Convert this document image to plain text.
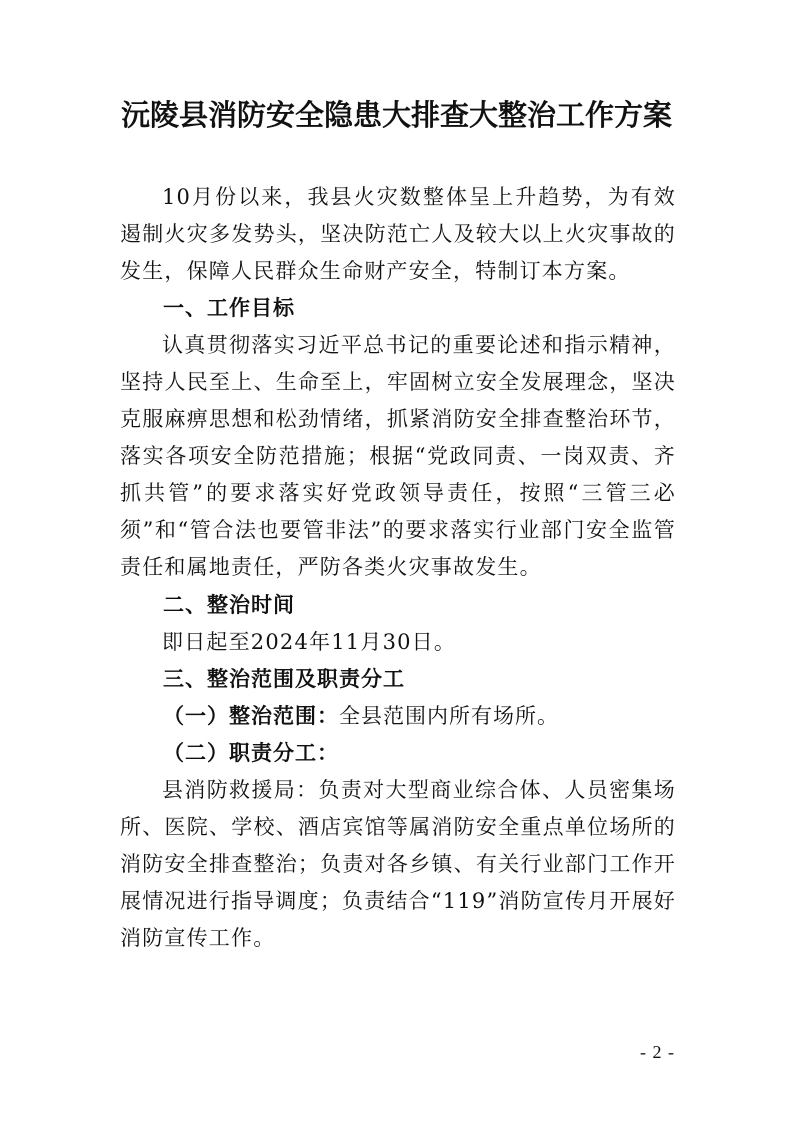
沅陵县消防安全隐患大排查大整治工作方案
10月份以来，我县火灾数整体呈上升趋势，为有效遏制火灾多发势头，坚决防范亡人及较大以上火灾事故的发生，保障人民群众生命财产安全，特制订本方案。
一、工作目标
认真贯彻落实习近平总书记的重要论述和指示精神，坚持人民至上、生命至上，牢固树立安全发展理念，坚决克服麻痹思想和松劲情绪，抓紧消防安全排查整治环节，落实各项安全防范措施；根据“党政同责、一岗双责、齐抓共管”的要求落实好党政领导责任，按照“三管三必须”和“管合法也要管非法”的要求落实行业部门安全监管责任和属地责任，严防各类火灾事故发生。
二、整治时间
即日起至2024年11月30日。
三、整治范围及职责分工
（一）整治范围：全县范围内所有场所。
（二）职责分工：
县消防救援局：负责对大型商业综合体、人员密集场所、医院、学校、酒店宾馆等属消防安全重点单位场所的消防安全排查整治；负责对各乡镇、有关行业部门工作开展情况进行指导调度；负责结合“119”消防宣传月开展好消防宣传工作。
- 2 -
